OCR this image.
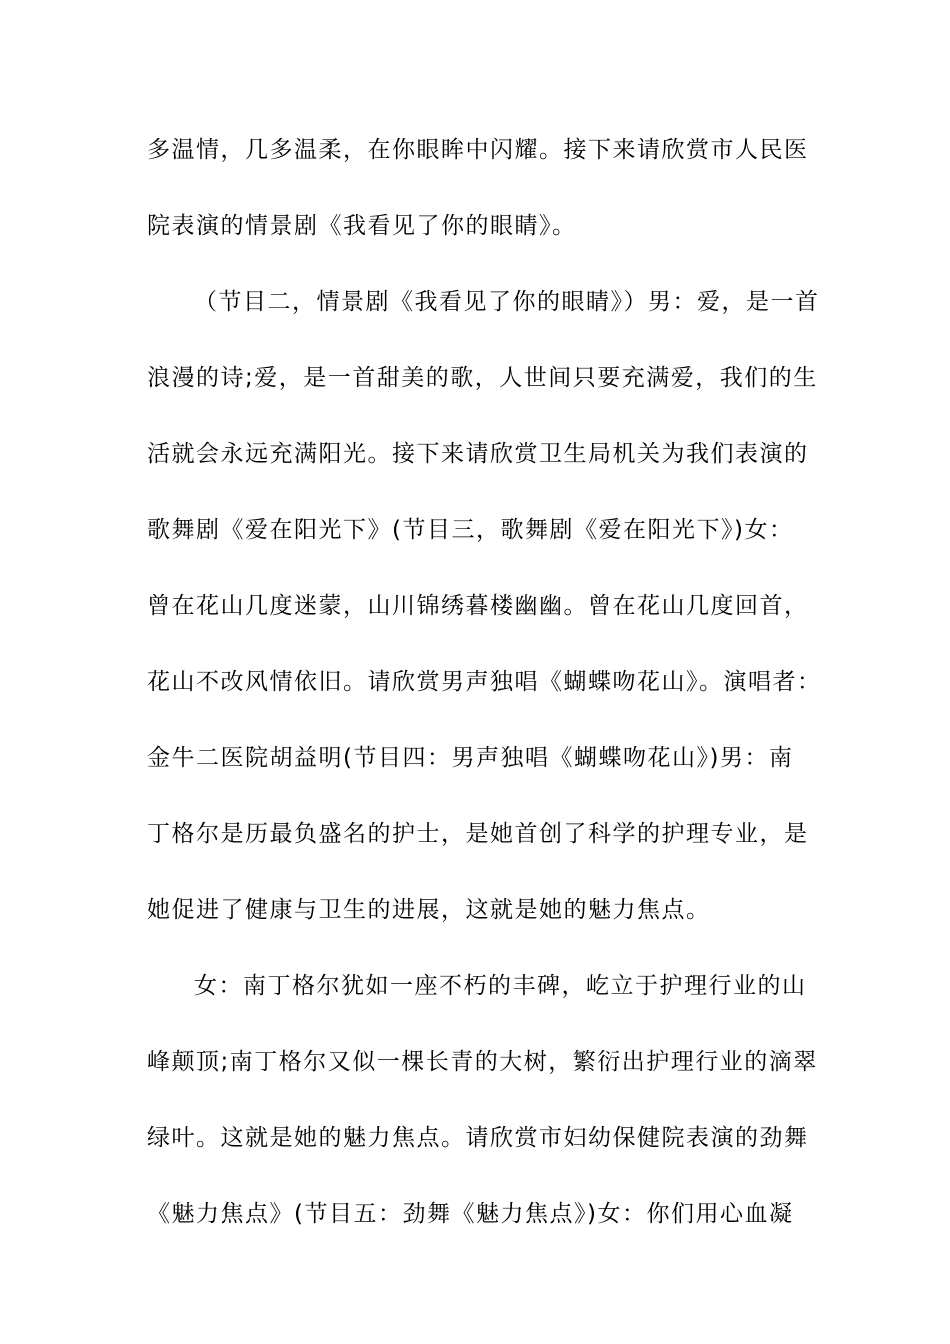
多温情，几多温柔，在你眼眸中闪耀。接下来请欣赏市人民医
院表演的情景剧《我看见了你的眼睛》。
（节目二，情景剧《我看见了你的眼睛》）男：爱，是一首
浪漫的诗;爱，是一首甜美的歌，人世间只要充满爱，我们的生
活就会永远充满阳光。接下来请欣赏卫生局机关为我们表演的
歌舞剧《爱在阳光下》(节目三，歌舞剧《爱在阳光下》)女：
曾在花山几度迷蒙，山川锦绣暮楼幽幽。曾在花山几度回首，
花山不改风情依旧。请欣赏男声独唱《蝴蝶吻花山》。演唱者：
金牛二医院胡益明(节目四：男声独唱《蝴蝶吻花山》)男：南
丁格尔是历最负盛名的护士，是她首创了科学的护理专业，是
她促进了健康与卫生的进展，这就是她的魅力焦点。
女：南丁格尔犹如一座不朽的丰碑，屹立于护理行业的山
峰颠顶;南丁格尔又似一棵长青的大树，繁衍出护理行业的滴翠
绿叶。这就是她的魅力焦点。请欣赏市妇幼保健院表演的劲舞
《魅力焦点》(节目五：劲舞《魅力焦点》)女：你们用心血凝
